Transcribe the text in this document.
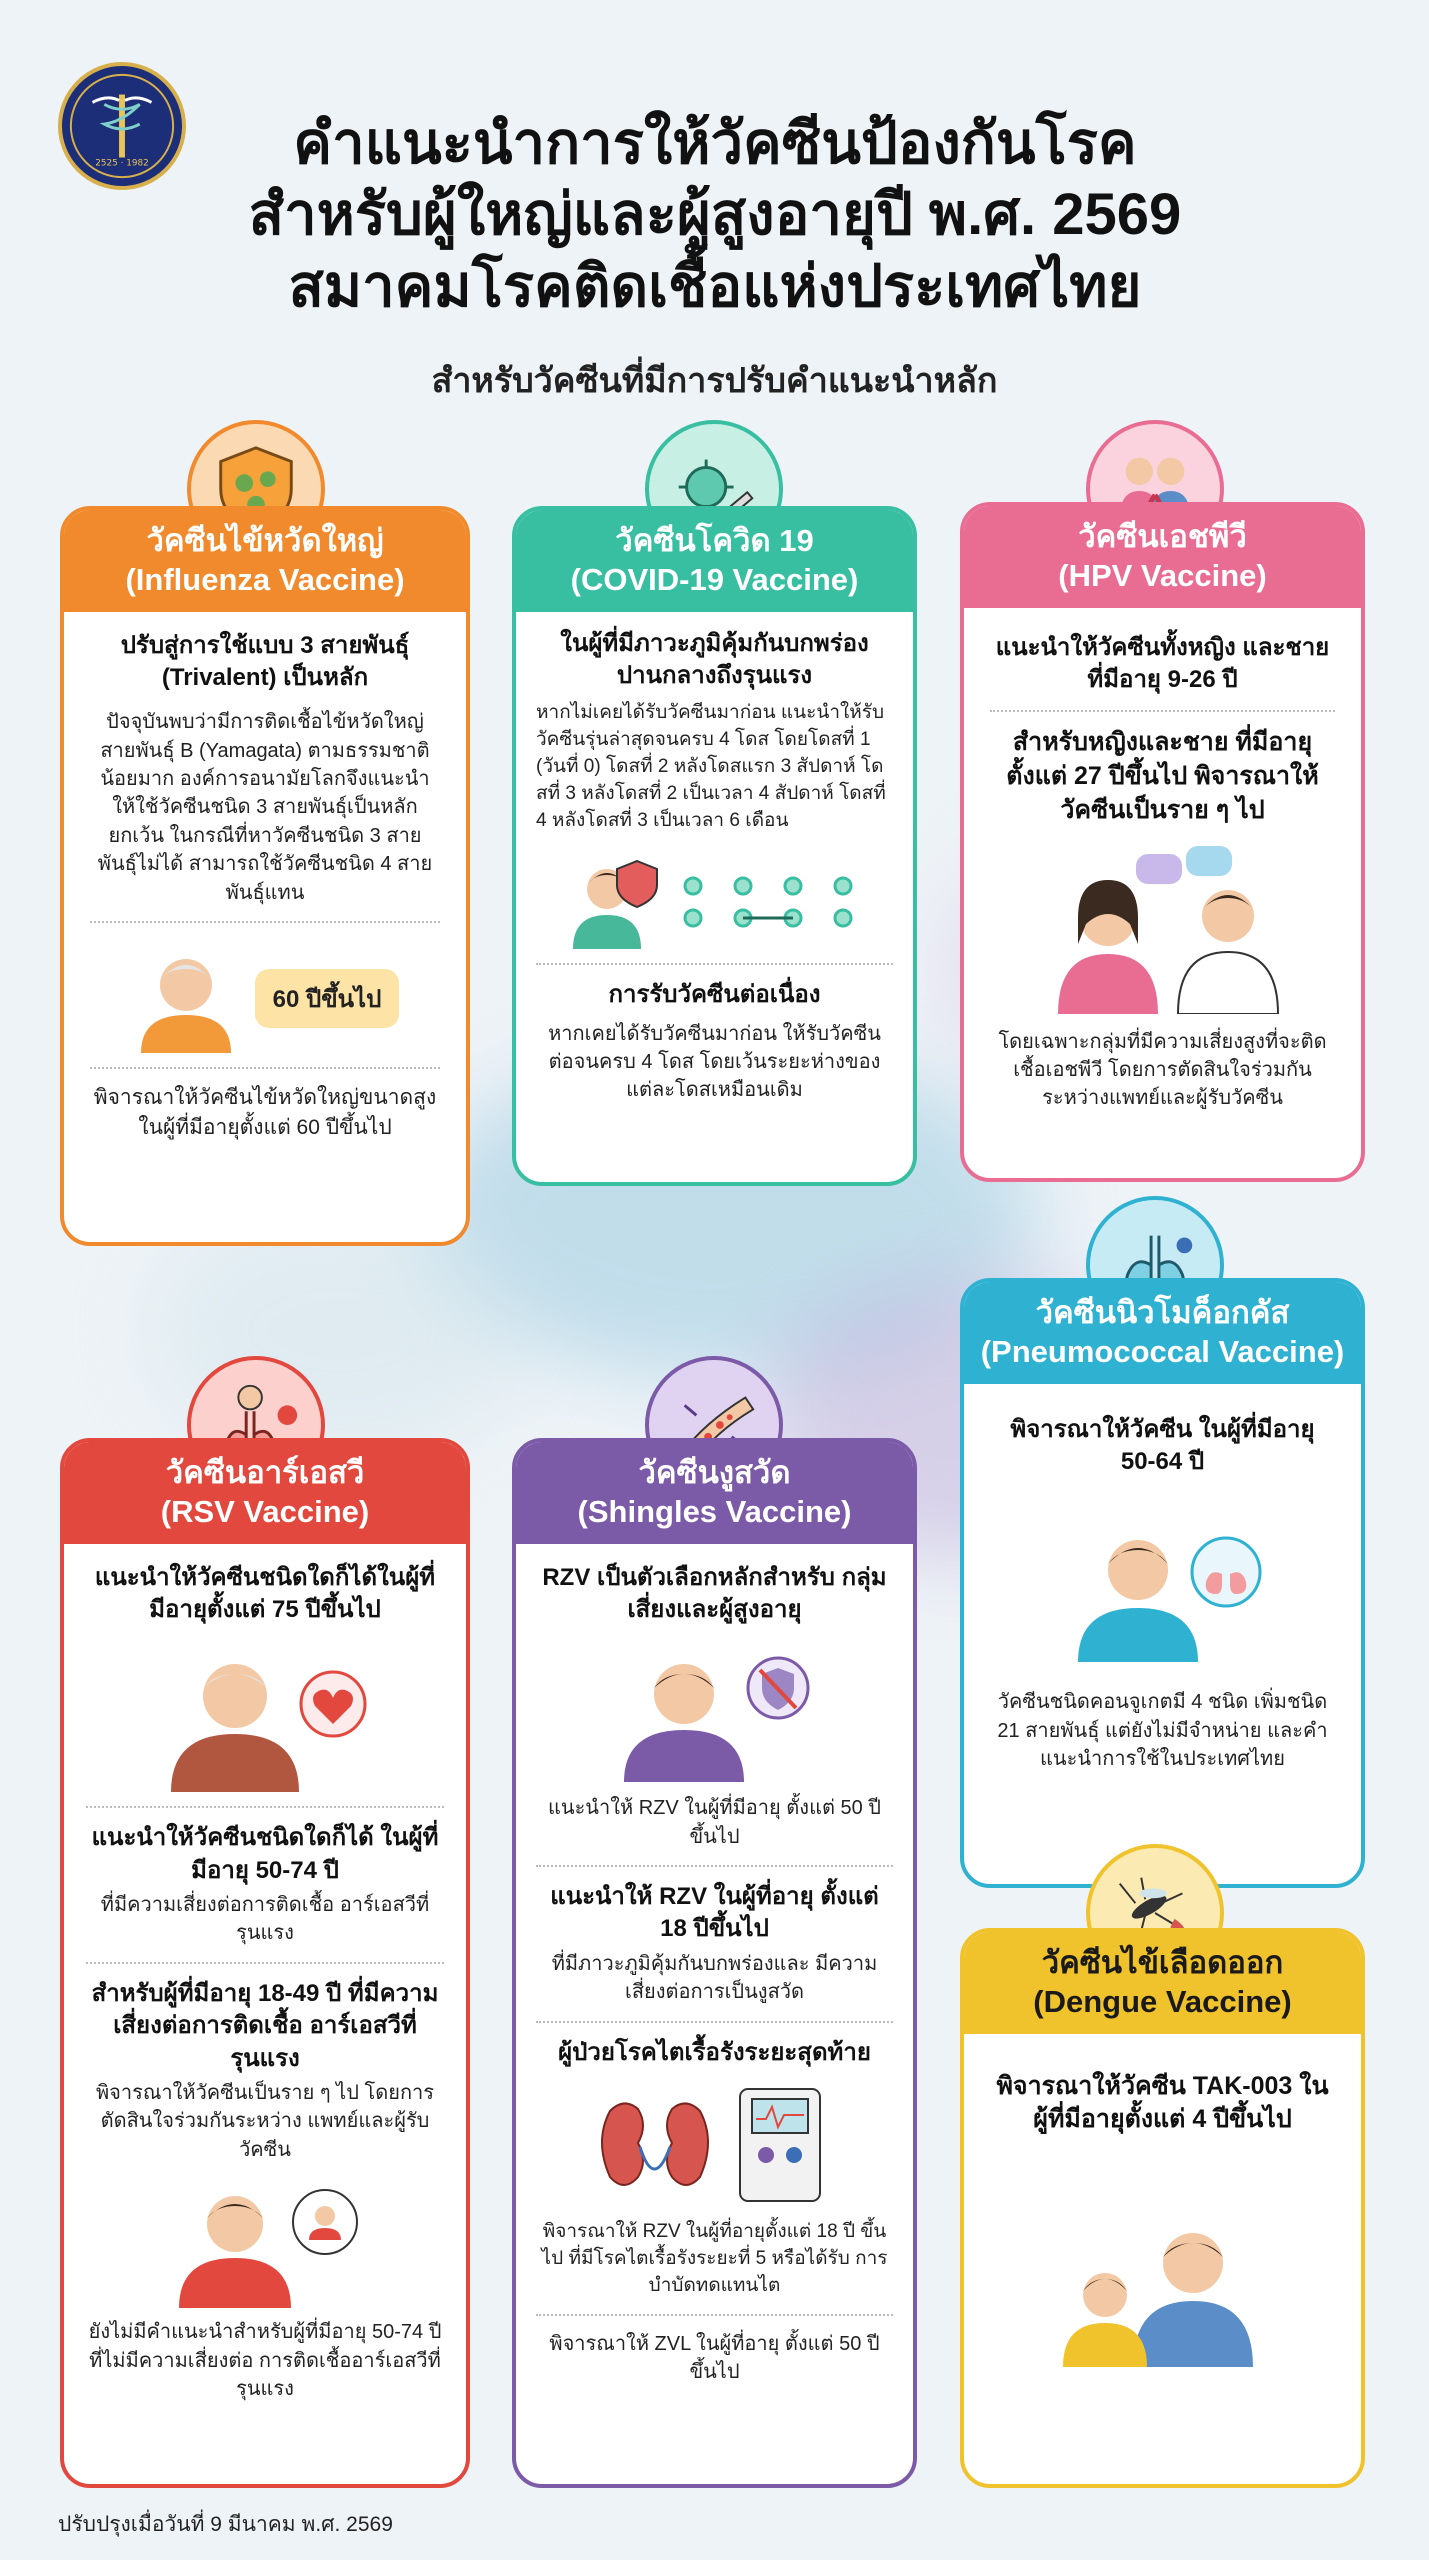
2525 · 1982	คำแนะนำการให้วัคซีนป้องกันโรค
สำหรับผู้ใหญ่และผู้สูงอายุปี พ.ศ. 2569
สมาคมโรคติดเชื้อแห่งประเทศไทย
สำหรับวัคซีนที่มีการปรับคำแนะนำหลัก
วัคซีนไข้หวัดใหญ่
(Influenza Vaccine)
ปรับสู่การใช้แบบ 3 สายพันธุ์ (Trivalent) เป็นหลัก
ปัจจุบันพบว่ามีการติดเชื้อไข้หวัดใหญ่ สายพันธุ์ B (Yamagata) ตามธรรมชาติ น้อยมาก องค์การอนามัยโลกจึงแนะนำ ให้ใช้วัคซีนชนิด 3 สายพันธุ์เป็นหลัก ยกเว้น ในกรณีที่หาวัคซีนชนิด 3 สายพันธุ์ไม่ได้ สามารถใช้วัคซีนชนิด 4 สายพันธุ์แทน
60 ปีขึ้นไป
พิจารณาให้วัคซีนไข้หวัดใหญ่ขนาดสูง ในผู้ที่มีอายุตั้งแต่ 60 ปีขึ้นไป
วัคซีนโควิด 19
(COVID-19 Vaccine)
ในผู้ที่มีภาวะภูมิคุ้มกันบกพร่อง ปานกลางถึงรุนแรง
หากไม่เคยได้รับวัคซีนมาก่อน แนะนำให้รับวัคซีนรุ่นล่าสุดจนครบ 4 โดส โดยโดสที่ 1 (วันที่ 0) โดสที่ 2 หลังโดสแรก 3 สัปดาห์ โดสที่ 3 หลังโดสที่ 2 เป็นเวลา 4 สัปดาห์ โดสที่ 4 หลังโดสที่ 3 เป็นเวลา 6 เดือน
การรับวัคซีนต่อเนื่อง
หากเคยได้รับวัคซีนมาก่อน ให้รับวัคซีนต่อจนครบ 4 โดส โดยเว้นระยะห่างของแต่ละโดสเหมือนเดิม
วัคซีนเอชพีวี
(HPV Vaccine)
แนะนำให้วัคซีนทั้งหญิง และชายที่มีอายุ 9-26 ปี
สำหรับหญิงและชาย ที่มีอายุตั้งแต่ 27 ปีขึ้นไป พิจารณาให้วัคซีนเป็นราย ๆ ไป
โดยเฉพาะกลุ่มที่มีความเสี่ยงสูงที่จะติดเชื้อเอชพีวี โดยการตัดสินใจร่วมกันระหว่างแพทย์และผู้รับวัคซีน
วัคซีนนิวโมค็อกคัส
(Pneumococcal Vaccine)
พิจารณาให้วัคซีน ในผู้ที่มีอายุ 50-64 ปี
วัคซีนชนิดคอนจูเกตมี 4 ชนิด เพิ่มชนิด 21 สายพันธุ์ แต่ยังไม่มีจำหน่าย และคำแนะนำการใช้ในประเทศไทย
วัคซีนอาร์เอสวี
(RSV Vaccine)
แนะนำให้วัคซีนชนิดใดก็ได้ในผู้ที่ มีอายุตั้งแต่ 75 ปีขึ้นไป
แนะนำให้วัคซีนชนิดใดก็ได้ ในผู้ที่มีอายุ 50-74 ปี
ที่มีความเสี่ยงต่อการติดเชื้อ อาร์เอสวีที่รุนแรง
สำหรับผู้ที่มีอายุ 18-49 ปี ที่มีความเสี่ยงต่อการติดเชื้อ อาร์เอสวีที่รุนแรง
พิจารณาให้วัคซีนเป็นราย ๆ ไป โดยการตัดสินใจร่วมกันระหว่าง แพทย์และผู้รับวัคซีน
ยังไม่มีคำแนะนำสำหรับผู้ที่มีอายุ 50-74 ปี ที่ไม่มีความเสี่ยงต่อ การติดเชื้ออาร์เอสวีที่รุนแรง
วัคซีนงูสวัด
(Shingles Vaccine)
RZV เป็นตัวเลือกหลักสำหรับ กลุ่มเสี่ยงและผู้สูงอายุ
แนะนำให้ RZV ในผู้ที่มีอายุ ตั้งแต่ 50 ปีขึ้นไป
แนะนำให้ RZV ในผู้ที่อายุ ตั้งแต่ 18 ปีขึ้นไป
ที่มีภาวะภูมิคุ้มกันบกพร่องและ มีความเสี่ยงต่อการเป็นงูสวัด
ผู้ป่วยโรคไตเรื้อรังระยะสุดท้าย
พิจารณาให้ RZV ในผู้ที่อายุตั้งแต่ 18 ปี ขึ้นไป ที่มีโรคไตเรื้อรังระยะที่ 5 หรือได้รับ การบำบัดทดแทนไต
พิจารณาให้ ZVL ในผู้ที่อายุ ตั้งแต่ 50 ปีขึ้นไป
วัคซีนไข้เลือดออก
(Dengue Vaccine)
พิจารณาให้วัคซีน TAK-003 ในผู้ที่มีอายุตั้งแต่ 4 ปีขึ้นไป
ปรับปรุงเมื่อวันที่ 9 มีนาคม พ.ศ. 2569
